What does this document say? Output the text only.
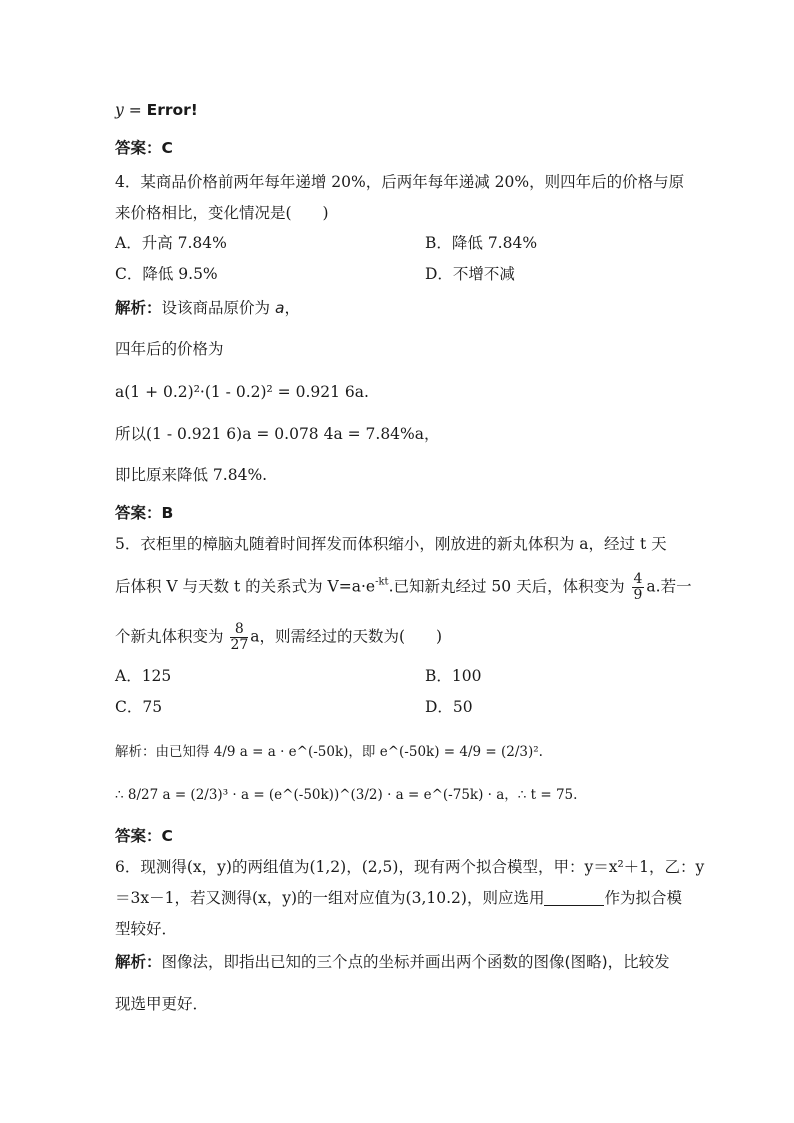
y = Error!
答案：C
4．某商品价格前两年每年递增 20%，后两年每年递减 20%，则四年后的价格与原
来价格相比，变化情况是(　　)
A．升高 7.84%	B．降低 7.84%
C．降低 9.5%	D．不增不减
解析：设该商品原价为 a，
四年后的价格为
a(1 + 0.2)²·(1 - 0.2)² = 0.921 6a.
所以(1 - 0.921 6)a = 0.078 4a = 7.84%a，
即比原来降低 7.84%.
答案：B
5．衣柜里的樟脑丸随着时间挥发而体积缩小，刚放进的新丸体积为 a，经过 t 天
后体积 V 与天数 t 的关系式为 $V=a\cdot e^{-kt}$.已知新丸经过 50 天后，体积变为 $\frac{4}{9} a$.若一
个新丸体积变为 $\frac{8}{27}$ a，则需经过的天数为(　　)
A．125	B．100
C．75	D．50
解析：由已知得 4/9 a = a · e^(-50k)，即 e^(-50k) = 4/9 = (2/3)².
∴ 8/27 a = (2/3)³ · a = (e^(-50k))^(3/2) · a = e^(-75k) · a，∴ t = 75.
答案：C
6．现测得(x，y)的两组值为(1,2)，(2,5)，现有两个拟合模型，甲：y＝x²＋1，乙：y
＝3x－1，若又测得(x，y)的一组对应值为(3,10.2)，则应选用	作为拟合模
型较好．
解析：图像法，即指出已知的三个点的坐标并画出两个函数的图像(图略)，比较发
现选甲更好．
